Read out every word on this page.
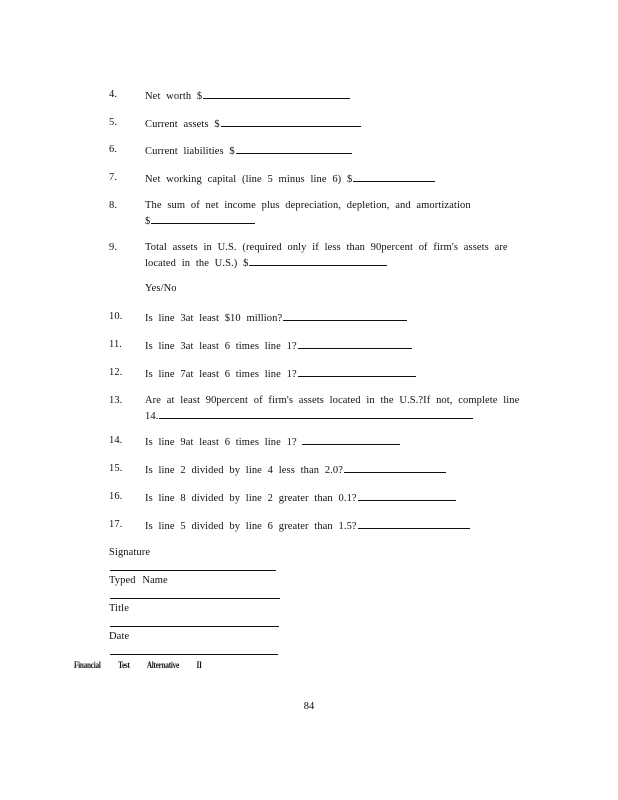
4.	Net worth $
5.	Current assets $
6.	Current liabilities $
7.	Net working capital (line 5 minus line 6) $
8.	The sum of net income plus depreciation, depletion, and amortization
$
9.	Total assets in U.S. (required only if less than 90percent of firm's assets are
located in the U.S.) $
Yes/No
10.	Is line 3at least $10 million?
11.	Is line 3at least 6 times line 1?
12.	Is line 7at least 6 times line 1?
13.	Are at least 90percent of firm's assets located in the U.S.?If not, complete line
14.
14.	Is line 9at least 6 times line 1?
15.	Is line 2 divided by line 4 less than 2.0?
16.	Is line 8 divided by line 2 greater than 0.1?
17.	Is line 5 divided by line 6 greater than 1.5?
Signature
Typed Name
Title
Date
Financial Test Alternative II
84
